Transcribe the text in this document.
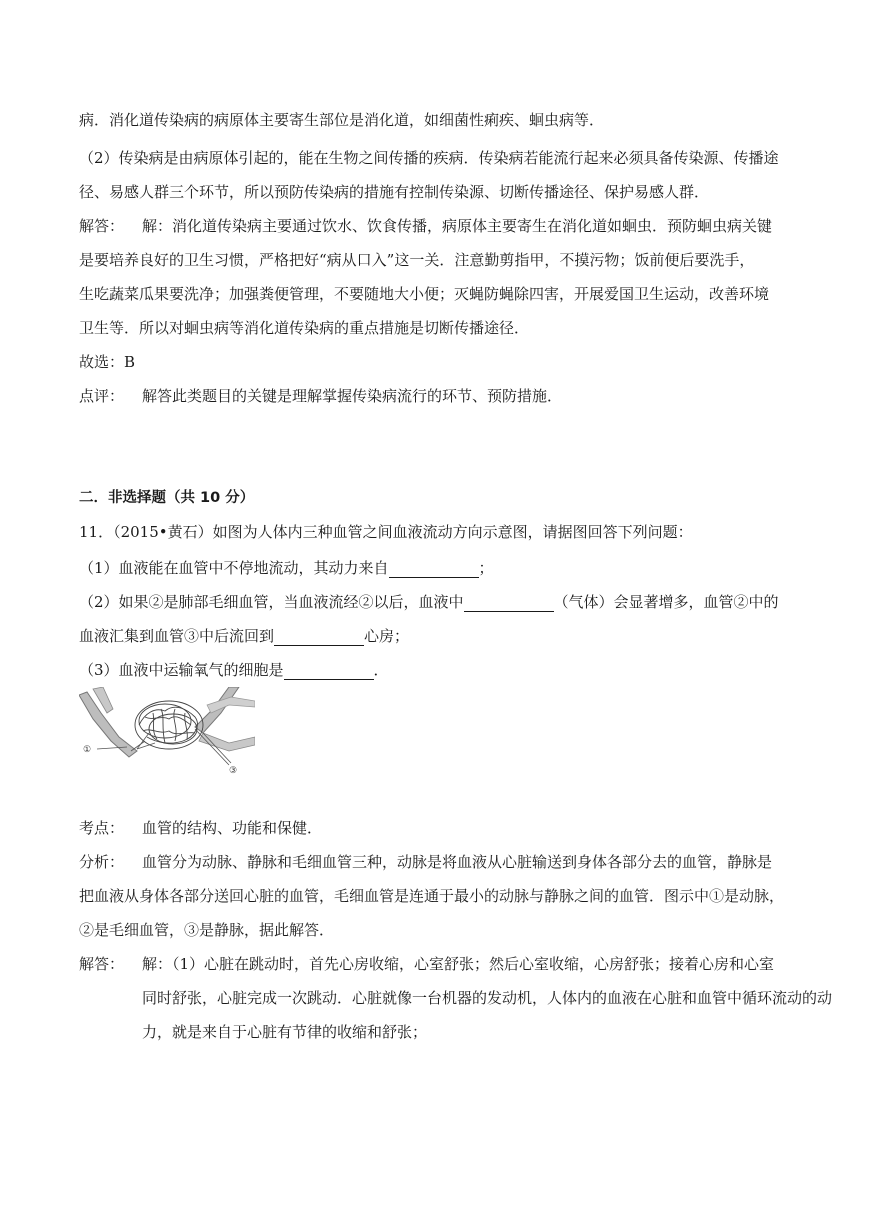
病．消化道传染病的病原体主要寄生部位是消化道，如细菌性痢疾、蛔虫病等．
（2）传染病是由病原体引起的，能在生物之间传播的疾病．传染病若能流行起来必须具备传染源、传播途
径、易感人群三个环节，所以预防传染病的措施有控制传染源、切断传播途径、保护易感人群．
解答： 解：消化道传染病主要通过饮水、饮食传播，病原体主要寄生在消化道如蛔虫．预防蛔虫病关键
是要培养良好的卫生习惯，严格把好“病从口入”这一关．注意勤剪指甲，不摸污物；饭前便后要洗手，
生吃蔬菜瓜果要洗净；加强粪便管理，不要随地大小便；灭蝇防蝇除四害，开展爱国卫生运动，改善环境
卫生等．所以对蛔虫病等消化道传染病的重点措施是切断传播途径．
故选：B
点评： 解答此类题目的关键是理解掌握传染病流行的环节、预防措施．
二．非选择题（共 10 分）
11．（2015•黄石）如图为人体内三种血管之间血液流动方向示意图，请据图回答下列问题：
（1）血液能在血管中不停地流动，其动力来自	；
（2）如果②是肺部毛细血管，当血液流经②以后，血液中	（气体）会显著增多，血管②中的
血液汇集到血管③中后流回到	心房；
（3）血液中运输氧气的细胞是	．
①
③
考点： 血管的结构、功能和保健．
分析： 血管分为动脉、静脉和毛细血管三种，动脉是将血液从心脏输送到身体各部分去的血管，静脉是
把血液从身体各部分送回心脏的血管，毛细血管是连通于最小的动脉与静脉之间的血管．图示中①是动脉，
②是毛细血管，③是静脉，据此解答．
解答： 解：（1）心脏在跳动时，首先心房收缩，心室舒张；然后心室收缩，心房舒张；接着心房和心室
同时舒张，心脏完成一次跳动．心脏就像一台机器的发动机，人体内的血液在心脏和血管中循环流动的动
力，就是来自于心脏有节律的收缩和舒张；
